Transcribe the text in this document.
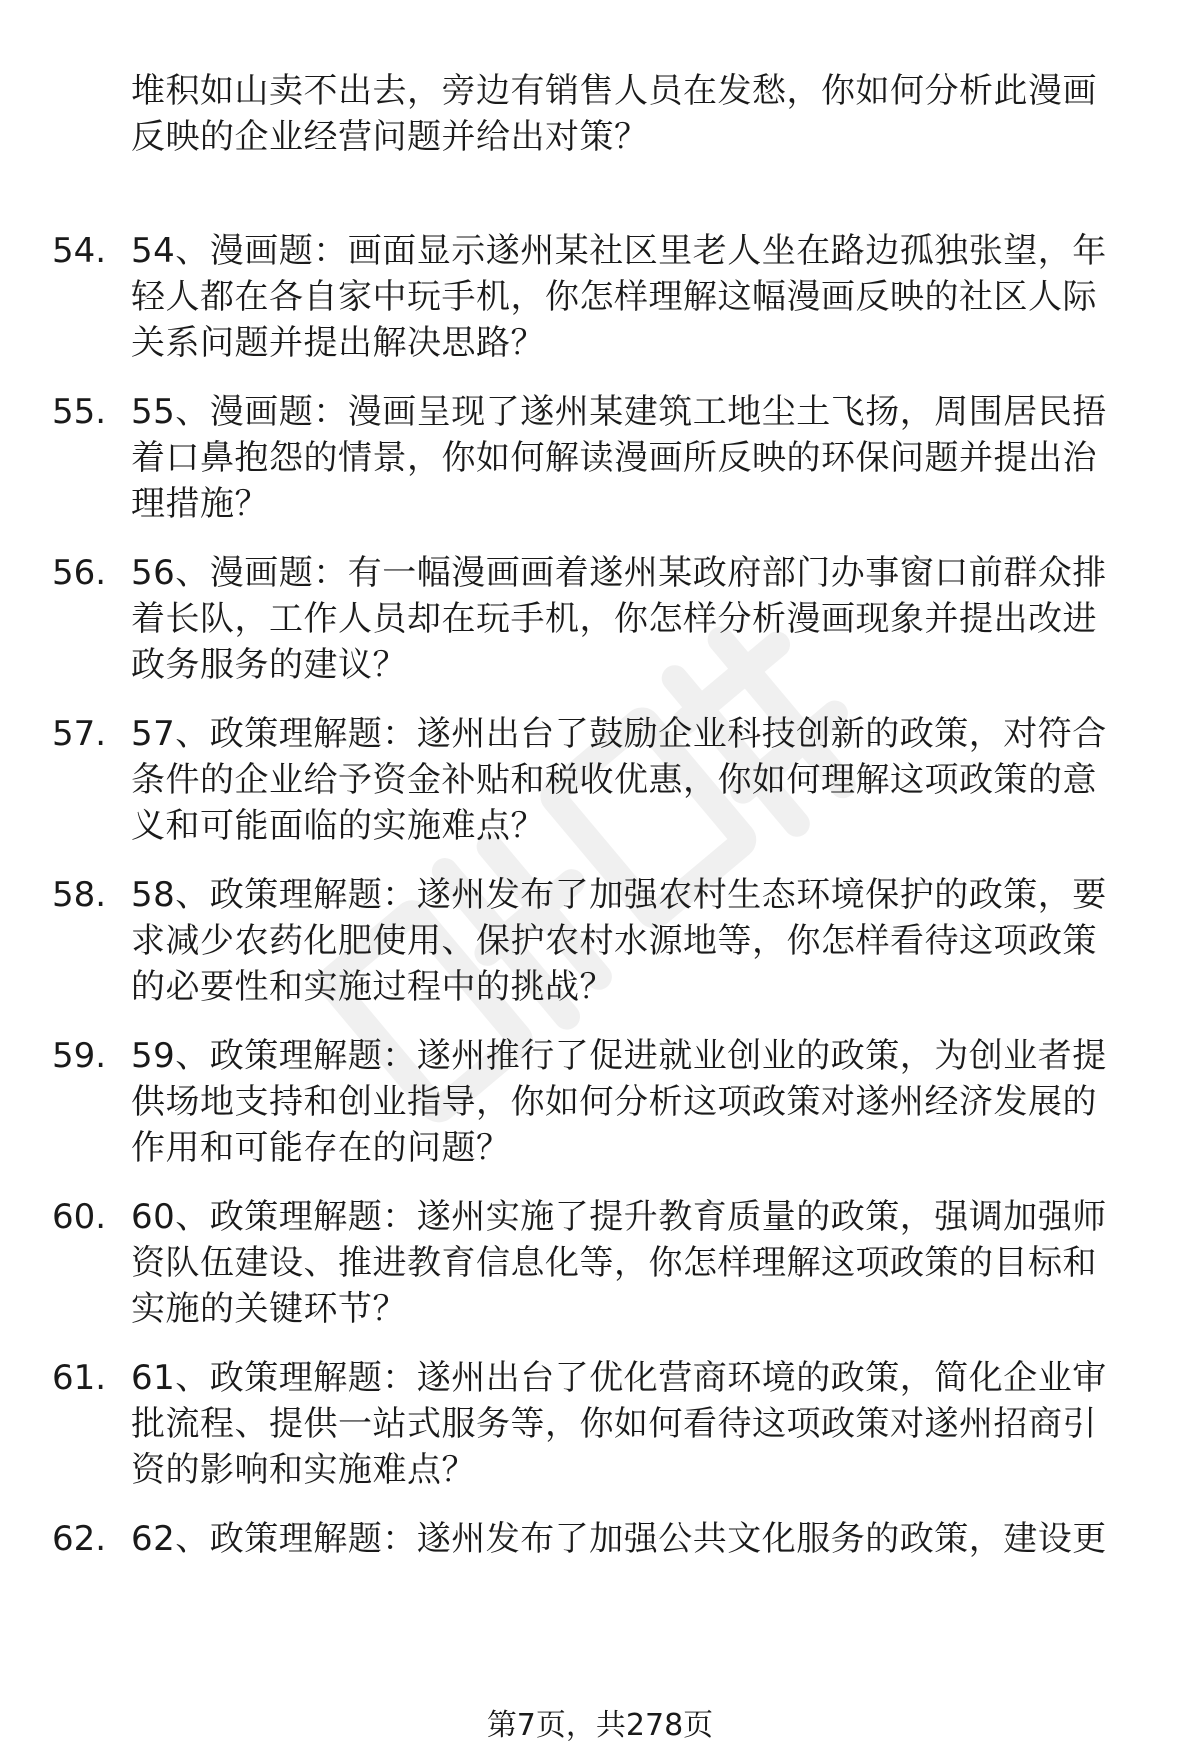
堆积如山卖不出去，旁边有销售人员在发愁，你如何分析此漫画
反映的企业经营问题并给出对策？
54. 54、漫画题：画面显示遂州某社区里老人坐在路边孤独张望，年
轻人都在各自家中玩手机，你怎样理解这幅漫画反映的社区人际
关系问题并提出解决思路？
55. 55、漫画题：漫画呈现了遂州某建筑工地尘土飞扬，周围居民捂
着口鼻抱怨的情景，你如何解读漫画所反映的环保问题并提出治
理措施？
56. 56、漫画题：有一幅漫画画着遂州某政府部门办事窗口前群众排
着长队，工作人员却在玩手机，你怎样分析漫画现象并提出改进
政务服务的建议？
57. 57、政策理解题：遂州出台了鼓励企业科技创新的政策，对符合
条件的企业给予资金补贴和税收优惠，你如何理解这项政策的意
义和可能面临的实施难点？
58. 58、政策理解题：遂州发布了加强农村生态环境保护的政策，要
求减少农药化肥使用、保护农村水源地等，你怎样看待这项政策
的必要性和实施过程中的挑战？
59. 59、政策理解题：遂州推行了促进就业创业的政策，为创业者提
供场地支持和创业指导，你如何分析这项政策对遂州经济发展的
作用和可能存在的问题？
60. 60、政策理解题：遂州实施了提升教育质量的政策，强调加强师
资队伍建设、推进教育信息化等，你怎样理解这项政策的目标和
实施的关键环节？
61. 61、政策理解题：遂州出台了优化营商环境的政策，简化企业审
批流程、提供一站式服务等，你如何看待这项政策对遂州招商引
资的影响和实施难点？
62. 62、政策理解题：遂州发布了加强公共文化服务的政策，建设更
第7页，共278页
